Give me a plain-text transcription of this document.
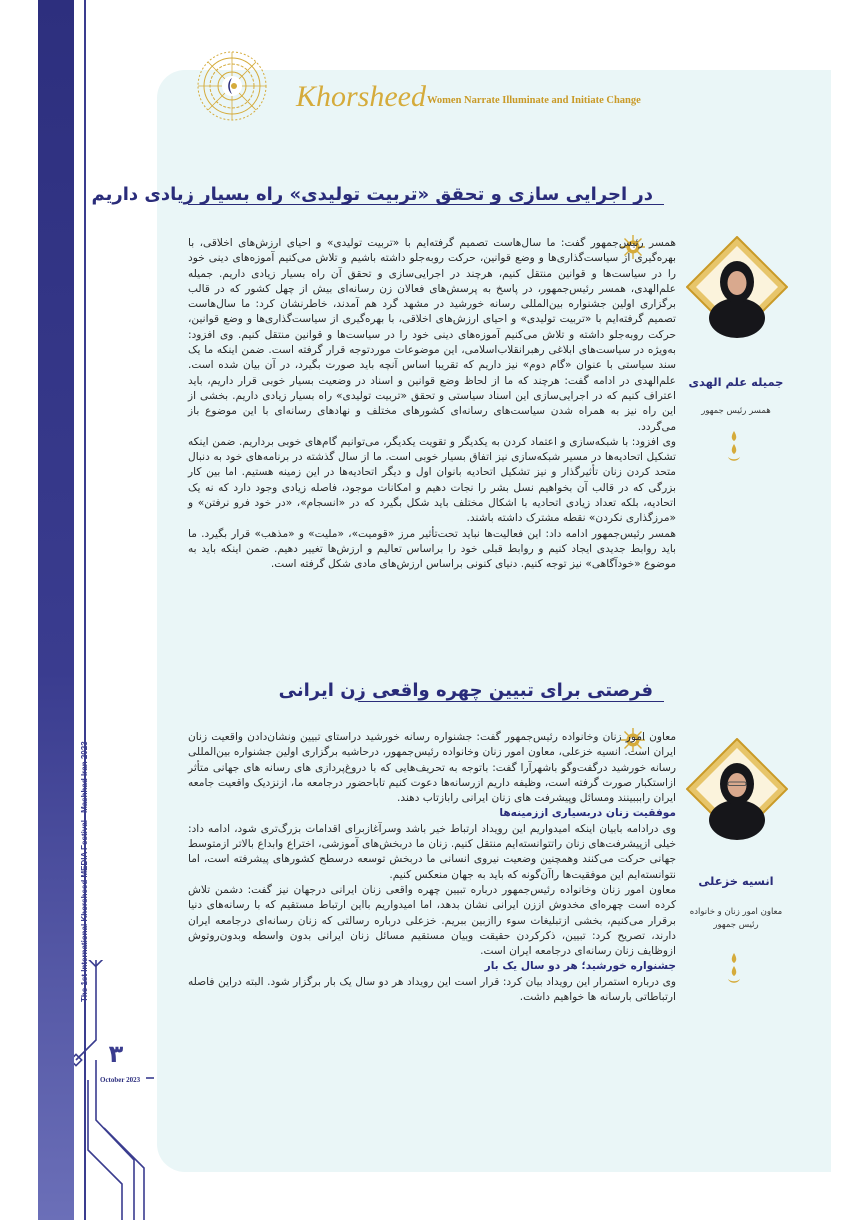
The 1st International Khorsheed MEDIA Festival - Mashhad Iran 2023
۳
October 2023
Khorsheed Women Narrate Illuminate and Initiate Change
در اجرایی سازی و تحقق «تربیت تولیدی» راه بسیار زیادی داریم

همسر رئیس‌جمهور گفت: ما سال‌هاست تصمیم گرفته‌ایم با «تربیت تولیدی» و احیای ارزش‌های اخلاقی، با بهره‌گیری از سیاست‌گذاری‌ها و وضع قوانین، حرکت روبه‌جلو داشته باشیم و تلاش می‌کنیم آموزه‌های دینی خود را در سیاست‌ها و قوانین منتقل کنیم، هرچند در اجرایی‌سازی و تحقق آن راه بسیار زیادی داریم. جمیله علم‌الهدی، همسر رئیس‌جمهور، در پاسخ به پرسش‌های فعالان زن رسانه‌ای بیش از چهل کشور که در قالب برگزاری اولین جشنواره بین‌المللی رسانه خورشید در مشهد گرد هم آمدند، خاطرنشان کرد: ما سال‌هاست تصمیم گرفته‌ایم با «تربیت تولیدی» و احیای ارزش‌های اخلاقی، با بهره‌گیری از سیاست‌گذاری‌ها و وضع قوانین، حرکت روبه‌جلو داشته و تلاش می‌کنیم آموزه‌های دینی خود را در سیاست‌ها و قوانین منتقل کنیم. وی افزود: به‌ویژه در سیاست‌های ابلاغی رهبرانقلاب‌اسلامی، این موضوعات موردتوجه قرار گرفته است. ضمن اینکه ما یک سند سیاستی با عنوان «گام دوم» نیز داریم که تقریبا اساس آنچه باید صورت بگیرد، در آن بیان شده است. علم‌الهدی در ادامه گفت: هرچند که ما از لحاظ وضع قوانین و اسناد در وضعیت بسیار خوبی قرار داریم، باید اعتراف کنیم که در اجرایی‌سازی این اسناد سیاستی و تحقق «تربیت تولیدی» راه بسیار زیادی داریم. بخشی از این راه نیز به همراه شدن سیاست‌های رسانه‌ای کشورهای مختلف و نهادهای رسانه‌ای با این موضوع باز می‌گردد.

وی افزود: با شبکه‌سازی و اعتماد کردن به یکدیگر و تقویت یکدیگر، می‌توانیم گام‌های خوبی برداریم. ضمن اینکه تشکیل اتحادیه‌ها در مسیر شبکه‌سازی نیز اتفاق بسیار خوبی است. ما از سال گذشته در برنامه‌های خود به دنبال متحد کردن زنان تأثیرگذار و نیز تشکیل اتحادیه بانوان اول و دیگر اتحادیه‌ها در این زمینه هستیم. اما بین کار بزرگی که در قالب آن بخواهیم نسل بشر را نجات دهیم و امکانات موجود، فاصله زیادی وجود دارد که نه یک اتحادیه، بلکه تعداد زیادی اتحادیه با اشکال مختلف باید شکل بگیرد که در «انسجام»، «در خود فرو نرفتن» و «مرزگذاری نکردن» نقطه مشترک داشته باشند.

همسر رئیس‌جمهور ادامه داد: این فعالیت‌ها نباید تحت‌تأثیر مرز «قومیت»، «ملیت» و «مذهب» قرار بگیرد. ما باید روابط جدیدی ایجاد کنیم و روابط قبلی خود را براساس تعالیم و ارزش‌ها تغییر دهیم. ضمن اینکه باید به موضوع «خودآگاهی» نیز توجه کنیم. دنیای کنونی براساس ارزش‌های مادی شکل گرفته است.

جمیله علم الهدی
همسر رئیس جمهور
فرصتی برای تبیین چهره واقعی زن ایرانی

معاون امور زنان وخانواده رئیس‌جمهور گفت: جشنواره رسانه خورشید دراستای تبیین ونشان‌دادن واقعیت زنان ایران است. انسیه خزعلی، معاون امور زنان وخانواده رئیس‌جمهور، درحاشیه برگزاری اولین جشنواره بین‌المللی رسانه خورشید درگفت‌وگو باشهرآرا گفت: باتوجه به تحریف‌هایی که با دروغ‌پردازی های رسانه های جهانی متأثر ازاستکبار صورت گرفته است، وظیفه داریم ازرسانه‌ها دعوت کنیم تاباحضور درجامعه ما، ازنزدیک واقعیت جامعه ایران رابببینند ومسائل وپیشرفت های زنان ایرانی رابازتاب دهند.

موفقیت زنان دربسیاری اززمینه‌ها

وی درادامه بابیان اینکه امیدواریم این رویداد ارتباط خیر باشد وسرآغازبرای اقدامات بزرگ‌تری شود، ادامه داد: خیلی ازپیشرفت‌های زنان راتتوانسته‌ایم منتقل کنیم. زنان ما دربخش‌های آموزشی، اختراع وابداع بالاتر ازمتوسط جهانی حرکت می‌کنند وهمچنین وضعیت نیروی انسانی ما دربخش توسعه درسطح کشورهای پیشرفته است، اما نتوانسته‌ایم این موفقیت‌ها راآن‌گونه که باید به جهان منعکس کنیم.

معاون امور زنان وخانواده رئیس‌جمهور درباره تبیین چهره واقعی زنان ایرانی درجهان نیز گفت: دشمن تلاش کرده است چهره‌ای مخدوش اززن ایرانی نشان بدهد، اما امیدواریم بااین ارتباط مستقیم که با رسانه‌های دنیا برقرار می‌کنیم، بخشی ازتبلیغات سوء راازبین ببریم. خزعلی درباره رسالتی که زنان رسانه‌ای درجامعه ایران دارند، تصریح کرد: تبیین، ذکرکردن حقیقت وبیان مستقیم مسائل زنان ایرانی بدون واسطه وبدون‌روتوش ازوظایف زنان رسانه‌ای درجامعه ایران است.

جشنواره خورشید؛ هر دو سال یک بار

وی درباره استمرار این رویداد بیان کرد: قرار است این رویداد هر دو سال یک بار برگزار شود. البته دراین فاصله ارتباطاتی بارسانه ها خواهیم داشت.

انسیه خزعلی
معاون امور زنان و خانواده رئیس جمهور
